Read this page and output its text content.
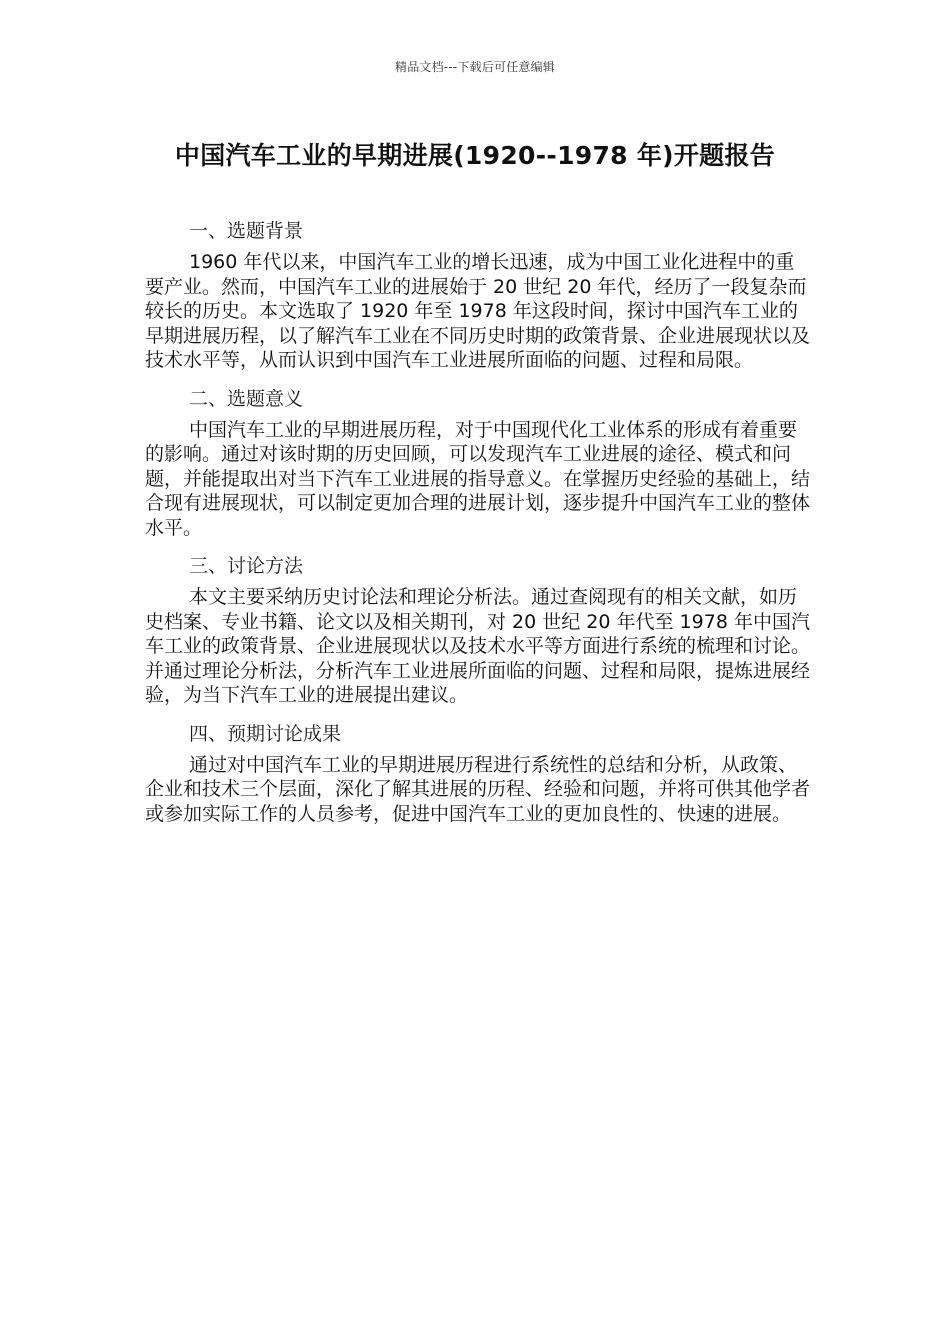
精品文档---下载后可任意编辑
中国汽车工业的早期进展(1920--1978 年)开题报告

一、选题背景

1960 年代以来，中国汽车工业的增长迅速，成为中国工业化进程中的重要产业。然而，中国汽车工业的进展始于 20 世纪 20 年代，经历了一段复杂而较长的历史。本文选取了 1920 年至 1978 年这段时间，探讨中国汽车工业的早期进展历程，以了解汽车工业在不同历史时期的政策背景、企业进展现状以及技术水平等，从而认识到中国汽车工业进展所面临的问题、过程和局限。

二、选题意义

中国汽车工业的早期进展历程，对于中国现代化工业体系的形成有着重要的影响。通过对该时期的历史回顾，可以发现汽车工业进展的途径、模式和问题，并能提取出对当下汽车工业进展的指导意义。在掌握历史经验的基础上，结合现有进展现状，可以制定更加合理的进展计划，逐步提升中国汽车工业的整体水平。

三、讨论方法

本文主要采纳历史讨论法和理论分析法。通过查阅现有的相关文献，如历史档案、专业书籍、论文以及相关期刊，对 20 世纪 20 年代至 1978 年中国汽车工业的政策背景、企业进展现状以及技术水平等方面进行系统的梳理和讨论。并通过理论分析法，分析汽车工业进展所面临的问题、过程和局限，提炼进展经验，为当下汽车工业的进展提出建议。

四、预期讨论成果

通过对中国汽车工业的早期进展历程进行系统性的总结和分析，从政策、企业和技术三个层面，深化了解其进展的历程、经验和问题，并将可供其他学者或参加实际工作的人员参考，促进中国汽车工业的更加良性的、快速的进展。
